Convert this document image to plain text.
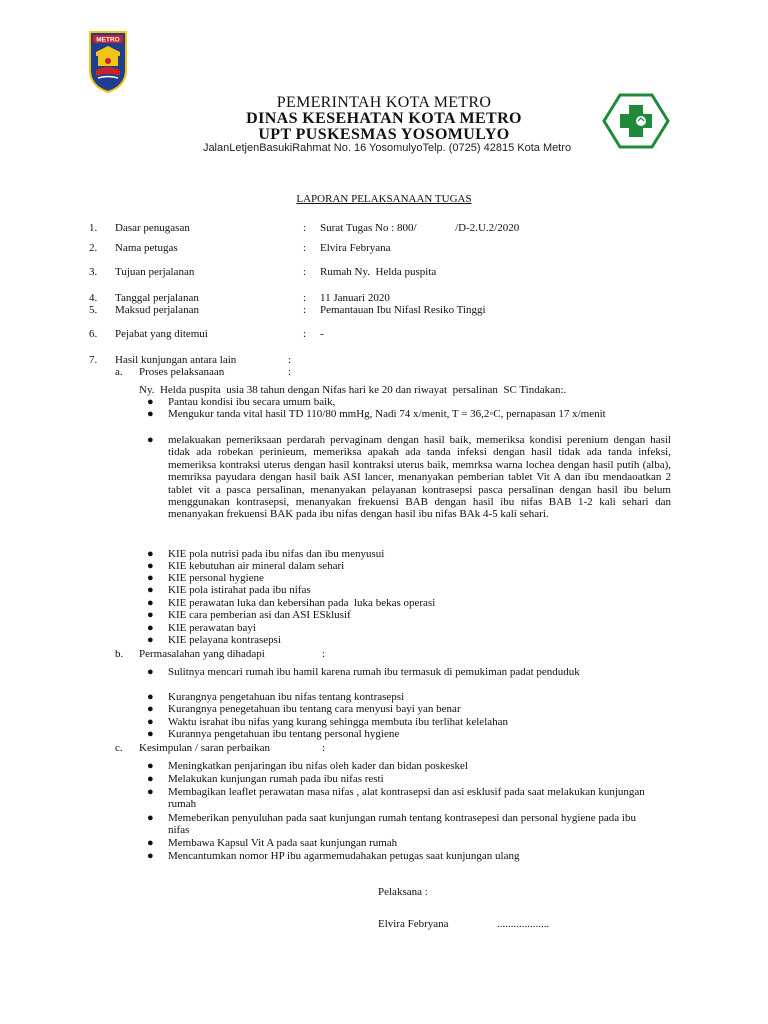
METRO
PEMERINTAH KOTA METRO
DINAS KESEHATAN KOTA METRO
UPT PUSKESMAS YOSOMULYO
JalanLetjenBasukiRahmat No. 16 YosomulyoTelp. (0725) 42815 Kota Metro
LAPORAN PELAKSANAAN TUGAS
1. Dasar penugasan	: Surat Tugas No : 800/              /D-2.U.2/2020
2. Nama petugas	: Elvira Febryana
3. Tujuan perjalanan	: Rumah Ny.  Helda puspita
4. Tanggal perjalanan	: 11 Januari 2020
5. Maksud perjalanan	: Pemantauan Ibu Nifasl Resiko Tinggi
6. Pejabat yang ditemui	: -
7. Hasil kunjungan antara lain	:
a. Proses pelaksanaan	:
Ny.  Helda puspita  usia 38 tahun dengan Nifas hari ke 20 dan riwayat  persalinan  SC Tindakan:.
● Pantau kondisi ibu secara umum baik,
● Mengukur tanda vital hasil TD 110/80 mmHg, Nadi 74 x/menit, T = 36,2◦C, pernapasan 17 x/menit
● melakuakan pemeriksaan perdarah pervaginam dengan hasil baik, memeriksa kondisi perenium dengan hasil tidak ada robekan perinieum, memeriksa apakah ada tanda infeksi dengan hasil tidak ada tanda infeksi, memeriksa kontraksi uterus dengan hasil kontraksi uterus baik, memrksa warna lochea dengan hasil putih (alba), memriksa payudara dengan hasil baik ASI lancer, menanyakan pemberian tablet Vit A dan ibu mendaoatkan 2 tablet vit a pasca persalinan, menanyakan pelayanan kontrasepsi pasca persalinan dengan hasil ibu belum menggunakan kontrasepsi, menanyakan frekuensi BAB dengan hasil ibu nifas BAB 1-2 kali sehari dan menanyakan frekuensi BAK pada ibu nifas dengan hasil ibu nifas BAk 4-5 kali sehari.
● KIE pola nutrisi pada ibu nifas dan ibu menyusui
● KIE kebutuhan air mineral dalam sehari
● KIE personal hygiene
● KIE pola istirahat pada ibu nifas
● KIE perawatan luka dan kebersihan pada  luka bekas operasi
● KIE cara pemberian asi dan ASI ESklusif
● KIE perawatan bayi
● KIE pelayana kontrasepsi
b. Permasalahan yang dihadapi	:
● Sulitnya mencari rumah ibu hamil karena rumah ibu termasuk di pemukiman padat penduduk
● Kurangnya pengetahuan ibu nifas tentang kontrasepsi
● Kurangnya penegetahuan ibu tentang cara menyusi bayi yan benar
● Waktu israhat ibu nifas yang kurang sehingga membuta ibu terlihat kelelahan
● Kurannya pengetahuan ibu tentang personal hygiene
c. Kesimpulan / saran perbaikan	:
● Meningkatkan penjaringan ibu nifas oleh kader dan bidan poskeskel
● Melakukan kunjungan rumah pada ibu nifas resti
● Membagikan leaflet perawatan masa nifas , alat kontrasepsi dan asi esklusif pada saat melakukan kunjungan rumah
● Memeberikan penyuluhan pada saat kunjungan rumah tentang kontrasepesi dan personal hygiene pada ibu nifas
● Membawa Kapsul Vit A pada saat kunjungan rumah
● Mencantumkan nomor HP ibu agarmemudahakan petugas saat kunjungan ulang
Pelaksana :
Elvira Febryana	...................
